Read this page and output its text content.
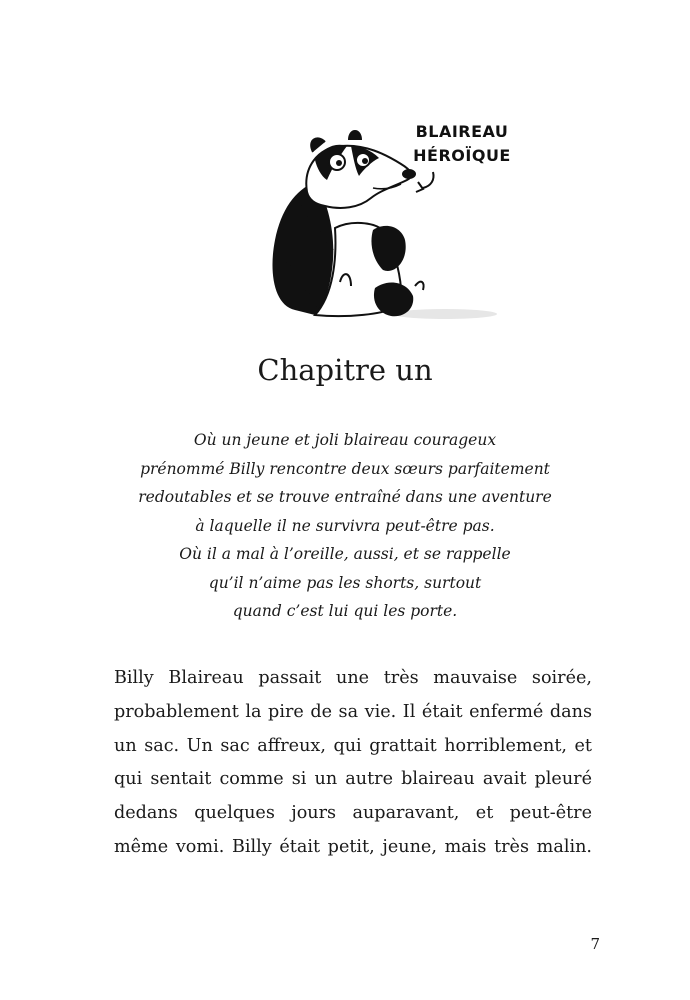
BLAIREAU
HÉROÏQUE
Chapitre un
Où un jeune et joli blaireau courageux
prénommé Billy rencontre deux sœurs parfaitement
redoutables et se trouve entraîné dans une aventure
à laquelle il ne survivra peut-être pas.
Où il a mal à l’oreille, aussi, et se rappelle
qu’il n’aime pas les shorts, surtout
quand c’est lui qui les porte.
Billy Blaireau passait une très mauvaise soirée,
probablement la pire de sa vie. Il était enfermé dans
un sac. Un sac affreux, qui grattait horriblement, et
qui sentait comme si un autre blaireau avait pleuré
dedans quelques jours auparavant, et peut-être
même vomi. Billy était petit, jeune, mais très malin.
7
